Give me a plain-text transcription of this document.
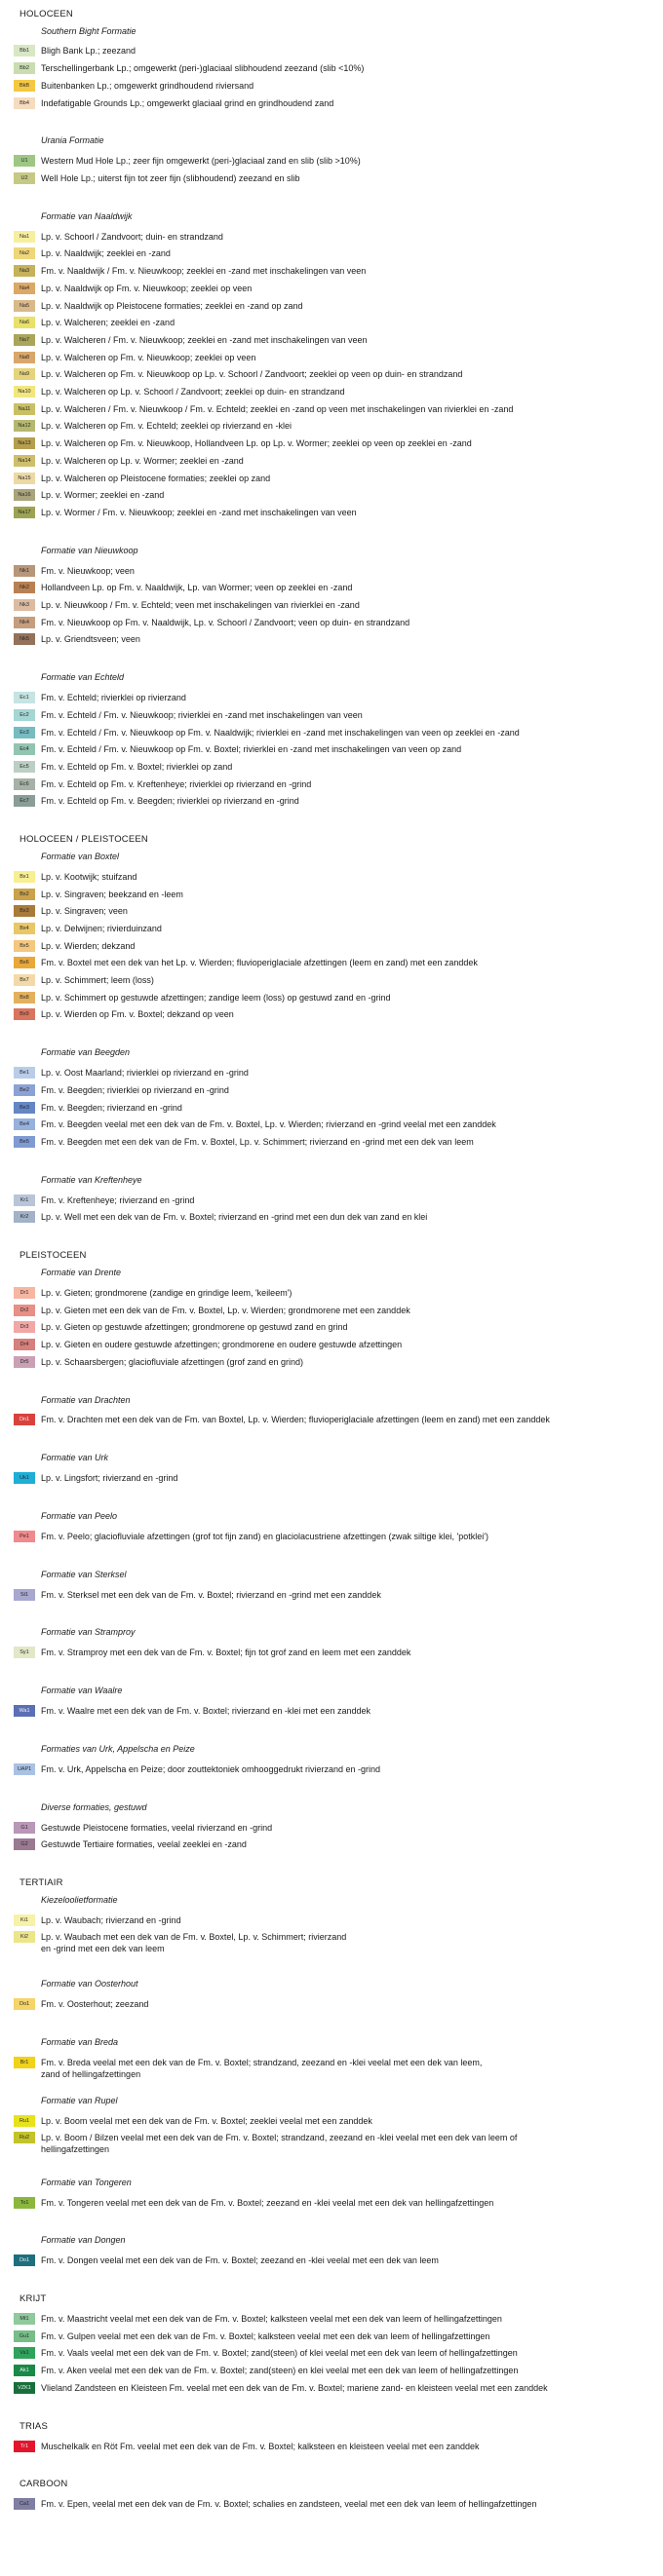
HOLOCEEN
Southern Bight Formatie
Bb1	Bligh Bank Lp.; zeezand
Bb2	Terschellingerbank Lp.; omgewerkt (peri-)glaciaal slibhoudend zeezand (slib <10%)
BkB	Buitenbanken Lp.; omgewerkt grindhoudend riviersand
Bb4	Indefatigable Grounds Lp.; omgewerkt glaciaal grind en grindhoudend zand
Urania Formatie
U1	Western Mud Hole Lp.; zeer fijn omgewerkt (peri-)glaciaal zand en slib (slib >10%)
U2	Well Hole Lp.; uiterst fijn tot zeer fijn (slibhoudend) zeezand en slib
Formatie van Naaldwijk
Na1	Lp. v. Schoorl / Zandvoort; duin- en strandzand
Na2	Lp. v. Naaldwijk; zeeklei en -zand
Na3	Fm. v. Naaldwijk / Fm. v. Nieuwkoop; zeeklei en -zand met inschakelingen van veen
Na4	Lp. v. Naaldwijk op Fm. v. Nieuwkoop; zeeklei op veen
Na5	Lp. v. Naaldwijk op Pleistocene formaties; zeeklei en -zand op zand
Na6	Lp. v. Walcheren; zeeklei en -zand
Na7	Lp. v. Walcheren / Fm. v. Nieuwkoop; zeeklei en -zand met inschakelingen van veen
Na8	Lp. v. Walcheren op Fm. v. Nieuwkoop; zeeklei op veen
Na9	Lp. v. Walcheren op Fm. v. Nieuwkoop op Lp. v. Schoorl / Zandvoort; zeeklei op veen op duin- en strandzand
Na10	Lp. v. Walcheren op Lp. v. Schoorl / Zandvoort; zeeklei op duin- en strandzand
Na11	Lp. v. Walcheren / Fm. v. Nieuwkoop / Fm. v. Echteld; zeeklei en -zand op veen met inschakelingen van rivierklei en -zand
Na12	Lp. v. Walcheren op Fm. v. Echteld; zeeklei op rivierzand en -klei
Na13	Lp. v. Walcheren op Fm. v. Nieuwkoop, Hollandveen Lp. op Lp. v. Wormer; zeeklei op veen op zeeklei en -zand
Na14	Lp. v. Walcheren op Lp. v. Wormer; zeeklei en -zand
Na15	Lp. v. Walcheren op Pleistocene formaties; zeeklei op zand
Na16	Lp. v. Wormer; zeeklei en -zand
Na17	Lp. v. Wormer / Fm. v. Nieuwkoop; zeeklei en -zand met inschakelingen van veen
Formatie van Nieuwkoop
Nk1	Fm. v. Nieuwkoop; veen
Nk2	Hollandveen Lp. op Fm. v. Naaldwijk, Lp. van Wormer; veen op zeeklei en -zand
Nk3	Lp. v. Nieuwkoop / Fm. v. Echteld; veen met inschakelingen van rivierklei en -zand
Nk4	Fm. v. Nieuwkoop op Fm. v. Naaldwijk, Lp. v. Schoorl / Zandvoort; veen op duin- en strandzand
Nk5	Lp. v. Griendtsveen; veen
Formatie van Echteld
Ec1	Fm. v. Echteld; rivierklei op rivierzand
Ec2	Fm. v. Echteld / Fm. v. Nieuwkoop; rivierklei en -zand met inschakelingen van veen
Ec3	Fm. v. Echteld / Fm. v. Nieuwkoop op Fm. v. Naaldwijk; rivierklei en -zand met inschakelingen van veen op zeeklei en -zand
Ec4	Fm. v. Echteld / Fm. v. Nieuwkoop op Fm. v. Boxtel; rivierklei en -zand met inschakelingen van veen op zand
Ec5	Fm. v. Echteld op Fm. v. Boxtel; rivierklei op zand
Ec6	Fm. v. Echteld op Fm. v. Kreftenheye; rivierklei op rivierzand en -grind
Ec7	Fm. v. Echteld op Fm. v. Beegden; rivierklei op rivierzand en -grind
HOLOCEEN / PLEISTOCEEN
Formatie van Boxtel
Bx1	Lp. v. Kootwijk; stuifzand
Bx2	Lp. v. Singraven; beekzand en -leem
Bx3	Lp. v. Singraven; veen
Bx4	Lp. v. Delwijnen; rivierduinzand
Bx5	Lp. v. Wierden; dekzand
Bx6	Fm. v. Boxtel met een dek van het Lp. v. Wierden; fluvioperiglaciale afzettingen (leem en zand) met een zanddek
Bx7	Lp. v. Schimmert; leem (loss)
Bx8	Lp. v. Schimmert op gestuwde afzettingen; zandige leem (loss) op gestuwd zand en -grind
Bx9	Lp. v. Wierden op Fm. v. Boxtel; dekzand op veen
Formatie van Beegden
Be1	Lp. v. Oost Maarland; rivierklei op rivierzand en -grind
Be2	Fm. v. Beegden; rivierklei op rivierzand en -grind
Be3	Fm. v. Beegden; rivierzand en -grind
Be4	Fm. v. Beegden veelal met een dek van de Fm. v. Boxtel, Lp. v. Wierden; rivierzand en -grind veelal met een zanddek
Be5	Fm. v. Beegden met een dek van de Fm. v. Boxtel, Lp. v. Schimmert; rivierzand en -grind met een dek van leem
Formatie van Kreftenheye
Kr1	Fm. v. Kreftenheye; rivierzand en -grind
Kr2	Lp. v. Well met een dek van de Fm. v. Boxtel; rivierzand en -grind met een dun dek van zand en klei
PLEISTOCEEN
Formatie van Drente
Dr1	Lp. v. Gieten; grondmorene (zandige en grindige leem, 'keileem')
Dr2	Lp. v. Gieten met een dek van de Fm. v. Boxtel, Lp. v. Wierden; grondmorene met een zanddek
Dr3	Lp. v. Gieten op gestuwde afzettingen; grondmorene op gestuwd zand en grind
Dr4	Lp. v. Gieten en oudere gestuwde afzettingen; grondmorene en oudere gestuwde afzettingen
Dr5	Lp. v. Schaarsbergen; glaciofluviale afzettingen (grof zand en grind)
Formatie van Drachten
Dn1	Fm. v. Drachten met een dek van de Fm. van Boxtel, Lp. v. Wierden; fluvioperiglaciale afzettingen (leem en zand) met een zanddek
Formatie van Urk
Uk1	Lp. v. Lingsfort; rivierzand en -grind
Formatie van Peelo
Pe1	Fm. v. Peelo; glaciofluviale afzettingen (grof tot fijn zand) en glaciolacustriene afzettingen (zwak siltige klei, 'potklei')
Formatie van Sterksel
St1	Fm. v. Sterksel met een dek van de Fm. v. Boxtel; rivierzand en -grind met een zanddek
Formatie van Stramproy
Sy1	Fm. v. Stramproy met een dek van de Fm. v. Boxtel; fijn tot grof zand en leem met een zanddek
Formatie van Waalre
Wa1	Fm. v. Waalre met een dek van de Fm. v. Boxtel; rivierzand en -klei met een zanddek
Formaties van Urk, Appelscha en Peize
UAP1	Fm. v. Urk, Appelscha en Peize; door zouttektoniek omhooggedrukt rivierzand en -grind
Diverse formaties, gestuwd
G1	Gestuwde Pleistocene formaties, veelal rivierzand en -grind
G2	Gestuwde Tertiaire formaties, veelal zeeklei en -zand
TERTIAIR
Kiezeloolietformatie
Ki1	Lp. v. Waubach; rivierzand en -grind
Ki2	Lp. v. Waubach met een dek van de Fm. v. Boxtel, Lp. v. Schimmert; rivierzand
en -grind met een dek van leem
Formatie van Oosterhout
Oo1	Fm. v. Oosterhout; zeezand
Formatie van Breda
Br1	Fm. v. Breda veelal met een dek van de Fm. v. Boxtel; strandzand, zeezand en -klei veelal met een dek van leem,
zand of hellingafzettingen
Formatie van Rupel
Ru1	Lp. v. Boom veelal met een dek van de Fm. v. Boxtel; zeeklei veelal met een zanddek
Ru2	Lp. v. Boom / Bilzen veelal met een dek van de Fm. v. Boxtel; strandzand, zeezand en -klei veelal met een dek van leem of
hellingafzettingen
Formatie van Tongeren
To1	Fm. v. Tongeren veelal met een dek van de Fm. v. Boxtel; zeezand en -klei veelal met een dek van hellingafzettingen
Formatie van Dongen
Do1	Fm. v. Dongen veelal met een dek van de Fm. v. Boxtel; zeezand en -klei veelal met een dek van leem
KRIJT
Mt1	Fm. v. Maastricht veelal met een dek van de Fm. v. Boxtel; kalksteen veelal met een dek van leem of hellingafzettingen
Gu1	Fm. v. Gulpen veelal met een dek van de Fm. v. Boxtel; kalksteen veelal met een dek van leem of hellingafzettingen
Va1	Fm. v. Vaals veelal met een dek van de Fm. v. Boxtel; zand(steen) of klei veelal met een dek van leem of hellingafzettingen
Ak1	Fm. v. Aken veelal met een dek van de Fm. v. Boxtel; zand(steen) en klei veelal met een dek van leem of hellingafzettingen
VZK1	Vlieland Zandsteen en Kleisteen Fm. veelal met een dek van de Fm. v. Boxtel; mariene zand- en kleisteen veelal met een zanddek
TRIAS
Tr1	Muschelkalk en Röt Fm. veelal met een dek van de Fm. v. Boxtel; kalksteen en kleisteen veelal met een zanddek
CARBOON
Ca1	Fm. v. Epen, veelal met een dek van de Fm. v. Boxtel; schalies en zandsteen, veelal met een dek van leem of hellingafzettingen
